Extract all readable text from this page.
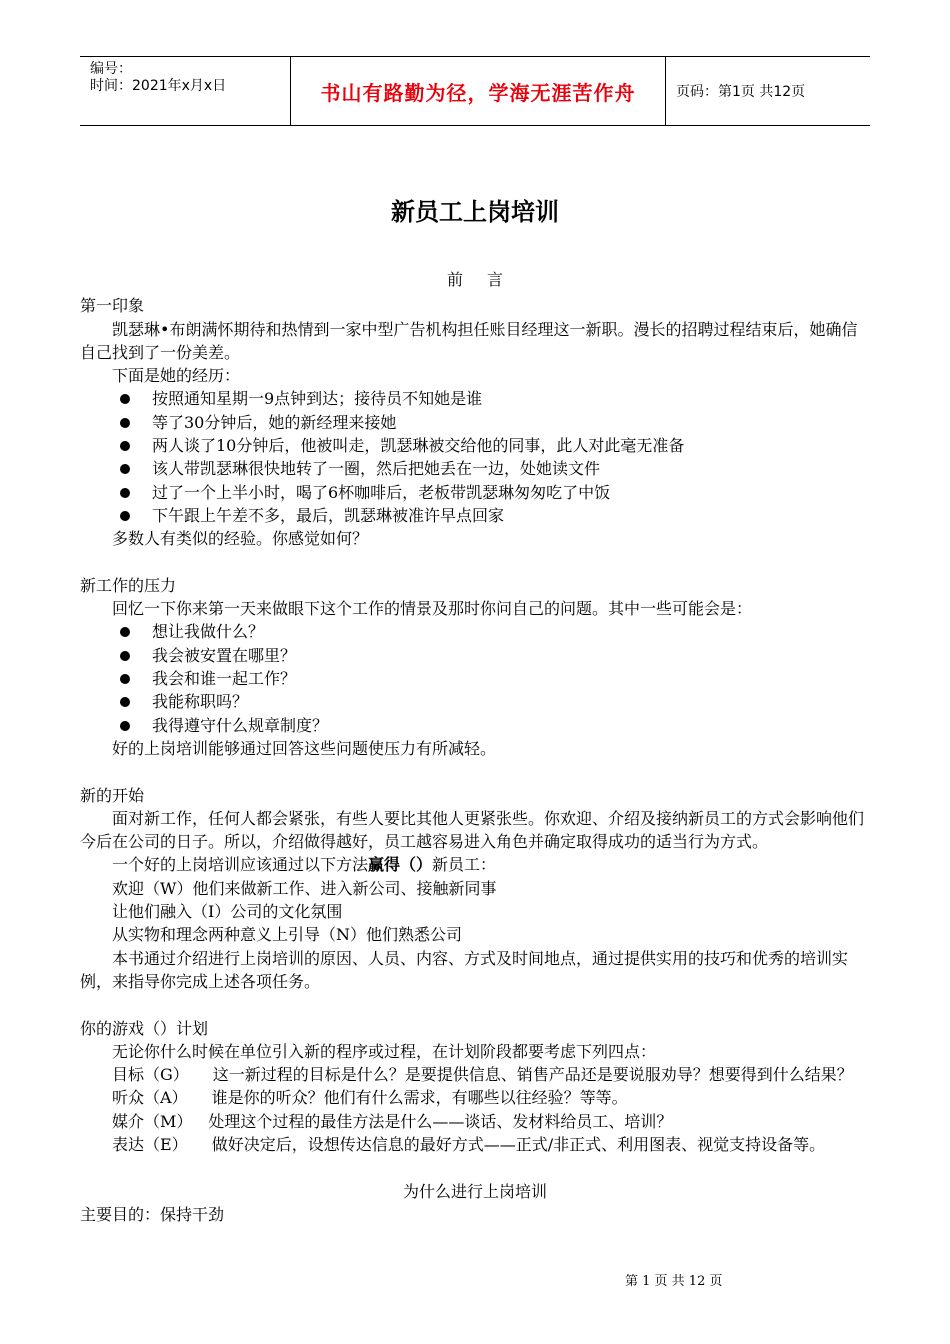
编号：
时间：2021年x月x日	书山有路勤为径，学海无涯苦作舟	页码：第1页 共12页
新员工上岗培训

前言

第一印象

凯瑟琳•布朗满怀期待和热情到一家中型广告机构担任账目经理这一新职。漫长的招聘过程结束后，她确信自己找到了一份美差。

下面是她的经历：

按照通知星期一9点钟到达；接待员不知她是谁

等了30分钟后，她的新经理来接她

两人谈了10分钟后，他被叫走，凯瑟琳被交给他的同事，此人对此毫无准备

该人带凯瑟琳很快地转了一圈，然后把她丢在一边，处她读文件

过了一个上半小时，喝了6杯咖啡后，老板带凯瑟琳匆匆吃了中饭

下午跟上午差不多，最后，凯瑟琳被准许早点回家

多数人有类似的经验。你感觉如何？

新工作的压力

回忆一下你来第一天来做眼下这个工作的情景及那时你问自己的问题。其中一些可能会是：

想让我做什么？

我会被安置在哪里？

我会和谁一起工作？

我能称职吗？

我得遵守什么规章制度？

好的上岗培训能够通过回答这些问题使压力有所减轻。

新的开始

面对新工作，任何人都会紧张，有些人要比其他人更紧张些。你欢迎、介绍及接纳新员工的方式会影响他们今后在公司的日子。所以，介绍做得越好，员工越容易进入角色并确定取得成功的适当行为方式。

一个好的上岗培训应该通过以下方法赢得（）新员工：

欢迎（W）他们来做新工作、进入新公司、接触新同事

让他们融入（I）公司的文化氛围

从实物和理念两种意义上引导（N）他们熟悉公司

本书通过介绍进行上岗培训的原因、人员、内容、方式及时间地点，通过提供实用的技巧和优秀的培训实例，来指导你完成上述各项任务。

你的游戏（）计划

无论你什么时候在单位引入新的程序或过程，在计划阶段都要考虑下列四点：

目标（G） 这一新过程的目标是什么？是要提供信息、销售产品还是要说服劝导？想要得到什么结果？

听众（A） 谁是你的听众？他们有什么需求，有哪些以往经验？等等。

媒介（M） 处理这个过程的最佳方法是什么——谈话、发材料给员工、培训？

表达（E） 做好决定后，设想传达信息的最好方式——正式/非正式、利用图表、视觉支持设备等。

为什么进行上岗培训

主要目的：保持干劲

第 1 页 共 12 页
